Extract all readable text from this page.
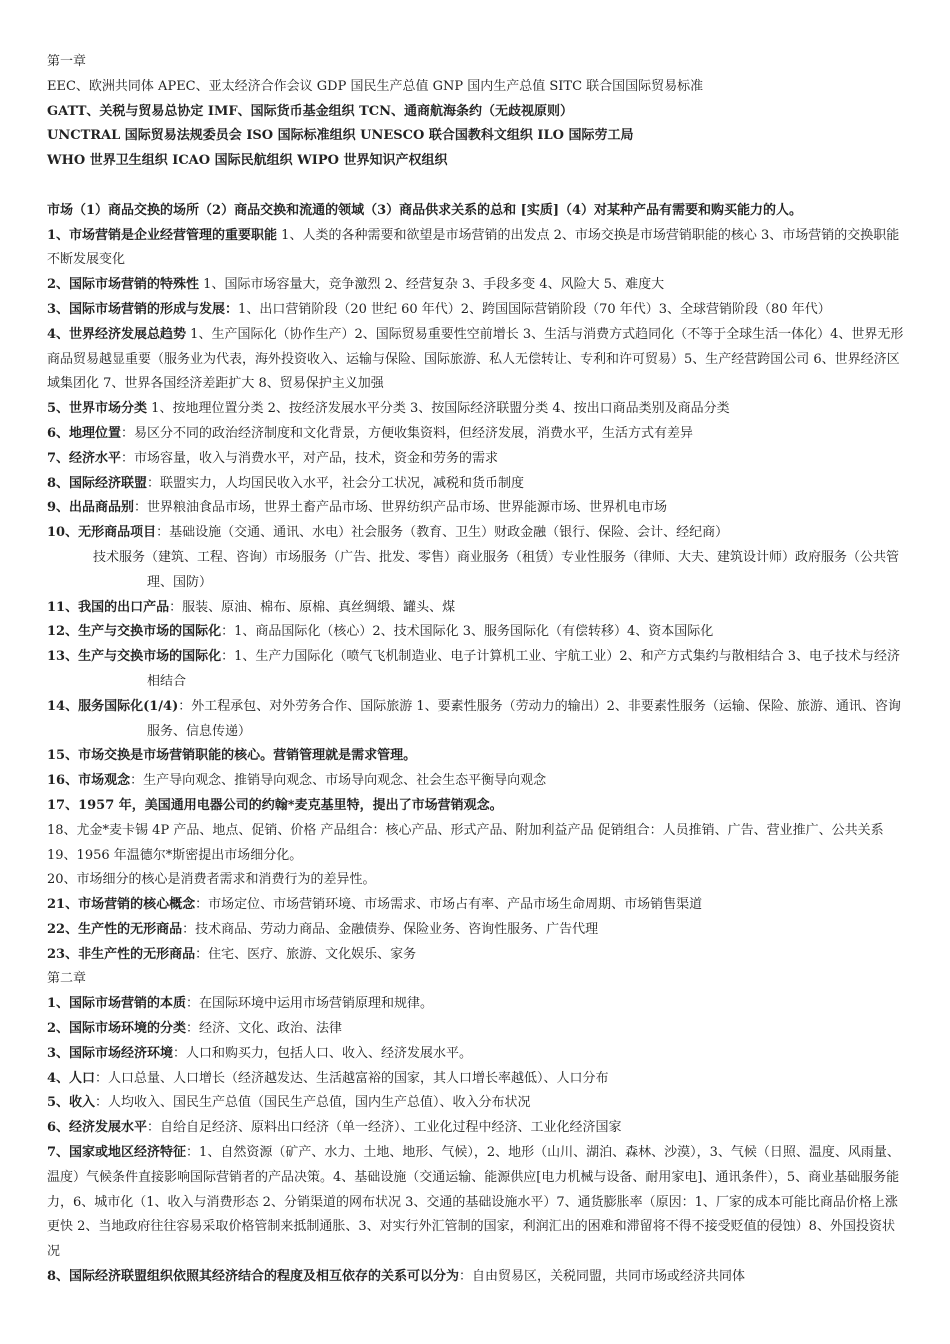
第一章
EEC、欧洲共同体 APEC、亚太经济合作会议 GDP 国民生产总值 GNP 国内生产总值 SITC 联合国国际贸易标准
GATT、关税与贸易总协定 IMF、国际货币基金组织 TCN、通商航海条约（无歧视原则）
UNCTRAL 国际贸易法规委员会 ISO 国际标准组织 UNESCO 联合国教科文组织 ILO 国际劳工局
WHO 世界卫生组织 ICAO 国际民航组织 WIPO 世界知识产权组织
市场（1）商品交换的场所（2）商品交换和流通的领域（3）商品供求关系的总和 [实质]（4）对某种产品有需要和购买能力的人。
1、市场营销是企业经营管理的重要职能 1、人类的各种需要和欲望是市场营销的出发点 2、市场交换是市场营销职能的核心 3、市场营销的交换职能不断发展变化
2、国际市场营销的特殊性 1、国际市场容量大，竞争激烈 2、经营复杂 3、手段多变 4、风险大 5、难度大
3、国际市场营销的形成与发展：1、出口营销阶段（20 世纪 60 年代）2、跨国国际营销阶段（70 年代）3、全球营销阶段（80 年代）
4、世界经济发展总趋势 1、生产国际化（协作生产）2、国际贸易重要性空前增长 3、生活与消费方式趋同化（不等于全球生活一体化）4、世界无形商品贸易越显重要（服务业为代表，海外投资收入、运输与保险、国际旅游、私人无偿转让、专利和许可贸易）5、生产经营跨国公司 6、世界经济区域集团化 7、世界各国经济差距扩大 8、贸易保护主义加强
5、世界市场分类 1、按地理位置分类 2、按经济发展水平分类 3、按国际经济联盟分类 4、按出口商品类别及商品分类
6、地理位置：易区分不同的政治经济制度和文化背景，方便收集资料，但经济发展，消费水平，生活方式有差异
7、经济水平：市场容量，收入与消费水平，对产品，技术，资金和劳务的需求
8、国际经济联盟：联盟实力，人均国民收入水平，社会分工状况，减税和货币制度
9、出品商品别：世界粮油食品市场，世界土畜产品市场、世界纺织产品市场、世界能源市场、世界机电市场
10、无形商品项目：基础设施（交通、通讯、水电）社会服务（教育、卫生）财政金融（银行、保险、会计、经纪商）
技术服务（建筑、工程、咨询）市场服务（广告、批发、零售）商业服务（租赁）专业性服务（律师、大夫、建筑设计师）政府服务（公共管理、国防）
11、我国的出口产品：服装、原油、棉布、原棉、真丝绸缎、罐头、煤
12、生产与交换市场的国际化：1、商品国际化（核心）2、技术国际化 3、服务国际化（有偿转移）4、资本国际化
13、生产与交换市场的国际化：1、生产力国际化（喷气飞机制造业、电子计算机工业、宇航工业）2、和产方式集约与散相结合 3、电子技术与经济相结合
14、服务国际化(1/4)：外工程承包、对外劳务合作、国际旅游 1、要素性服务（劳动力的输出）2、非要素性服务（运输、保险、旅游、通讯、咨询服务、信息传递）
15、市场交换是市场营销职能的核心。营销管理就是需求管理。
16、市场观念：生产导向观念、推销导向观念、市场导向观念、社会生态平衡导向观念
17、1957 年，美国通用电器公司的约翰*麦克基里特，提出了市场营销观念。
18、尤金*麦卡锡 4P 产品、地点、促销、价格 产品组合：核心产品、形式产品、附加利益产品 促销组合：人员推销、广告、营业推广、公共关系
19、1956 年温德尔*斯密提出市场细分化。
20、市场细分的核心是消费者需求和消费行为的差异性。
21、市场营销的核心概念：市场定位、市场营销环境、市场需求、市场占有率、产品市场生命周期、市场销售渠道
22、生产性的无形商品：技术商品、劳动力商品、金融债券、保险业务、咨询性服务、广告代理
23、非生产性的无形商品：住宅、医疗、旅游、文化娱乐、家务
第二章
1、国际市场营销的本质：在国际环境中运用市场营销原理和规律。
2、国际市场环境的分类：经济、文化、政治、法律
3、国际市场经济环境：人口和购买力，包括人口、收入、经济发展水平。
4、人口：人口总量、人口增长（经济越发达、生活越富裕的国家，其人口增长率越低）、人口分布
5、收入：人均收入、国民生产总值（国民生产总值，国内生产总值）、收入分布状况
6、经济发展水平：自给自足经济、原料出口经济（单一经济）、工业化过程中经济、工业化经济国家
7、国家或地区经济特征：1、自然资源（矿产、水力、土地、地形、气候），2、地形（山川、湖泊、森林、沙漠），3、气候（日照、温度、风雨量、温度）气候条件直接影响国际营销者的产品决策。4、基础设施（交通运输、能源供应[电力机械与设备、耐用家电]、通讯条件），5、商业基础服务能力，6、城市化（1、收入与消费形态 2、分销渠道的网布状况 3、交通的基础设施水平）7、通货膨胀率（原因：1、厂家的成本可能比商品价格上涨更快 2、当地政府往往容易采取价格管制来抵制通胀、3、对实行外汇管制的国家，利润汇出的困难和滞留将不得不接受贬值的侵蚀）8、外国投资状况
8、国际经济联盟组织依照其经济结合的程度及相互依存的关系可以分为：自由贸易区，关税同盟，共同市场或经济共同体
